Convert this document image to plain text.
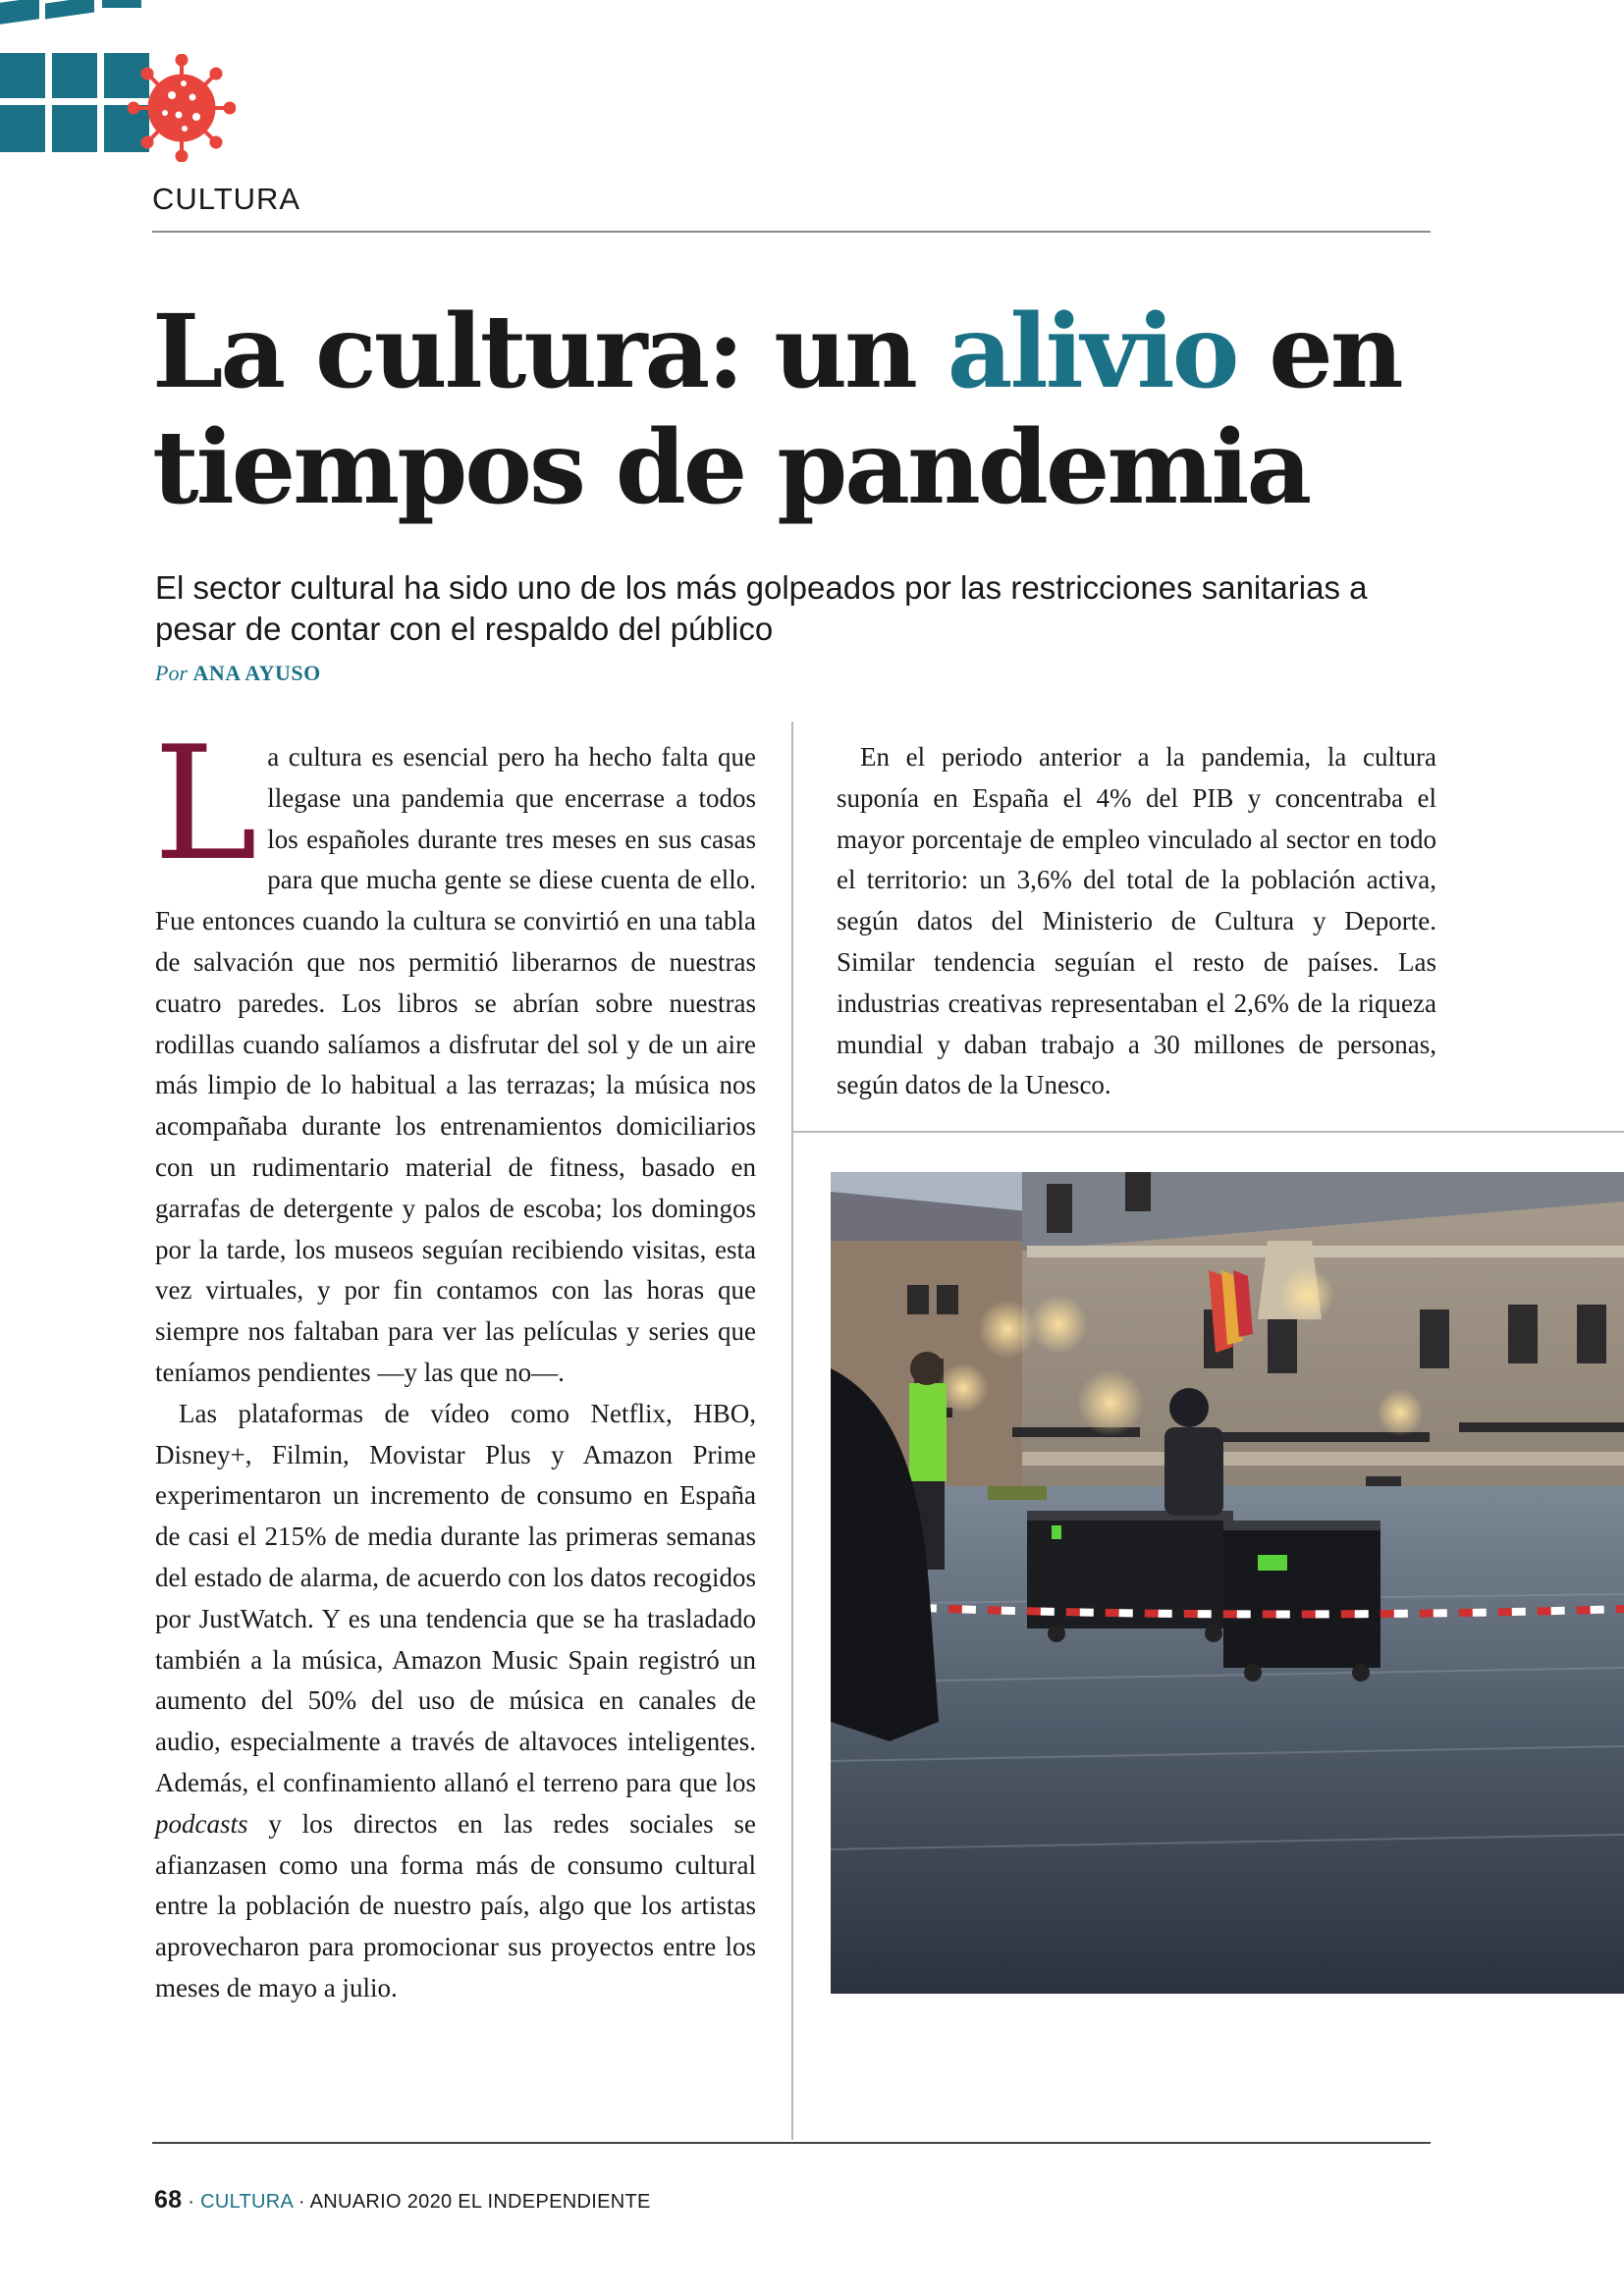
CULTURA
La cultura: un alivio en tiempos de pandemia

El sector cultural ha sido uno de los más golpeados por las restricciones sanitarias a pesar de contar con el respaldo del público

Por ANA AYUSO

La cultura es esencial pero ha hecho falta que llegase una pandemia que encerrase a todos los españoles durante tres meses en sus casas para que mucha gente se diese cuenta de ello. Fue entonces cuando la cultura se convirtió en una tabla de salvación que nos permitió liberarnos de nuestras cuatro paredes. Los libros se abrían sobre nuestras rodillas cuando salíamos a disfrutar del sol y de un aire más limpio de lo habitual a las terrazas; la música nos acompañaba durante los entrenamientos domiciliarios con un rudimentario material de fitness, basado en garrafas de detergente y palos de escoba; los domingos por la tarde, los museos seguían recibiendo visitas, esta vez virtuales, y por fin contamos con las horas que siempre nos faltaban para ver las películas y series que teníamos pendientes —y las que no—.

Las plataformas de vídeo como Netflix, HBO, Disney+, Filmin, Movistar Plus y Amazon Prime experimentaron un incremento de consumo en España de casi el 215% de media durante las primeras semanas del estado de alarma, de acuerdo con los datos recogidos por JustWatch. Y es una tendencia que se ha trasladado también a la música, Amazon Music Spain registró un aumento del 50% del uso de música en canales de audio, especialmente a través de altavoces inteligentes. Además, el confinamiento allanó el terreno para que los podcasts y los directos en las redes sociales se afianzasen como una forma más de consumo cultural entre la población de nuestro país, algo que los artistas aprovecharon para promocionar sus proyectos entre los meses de mayo a julio.

En el periodo anterior a la pandemia, la cultura suponía en España el 4% del PIB y concentraba el mayor porcentaje de empleo vinculado al sector en todo el territorio: un 3,6% del total de la población activa, según datos del Ministerio de Cultura y Deporte. Similar tendencia seguían el resto de países. Las industrias creativas representaban el 2,6% de la riqueza mundial y daban trabajo a 30 millones de personas, según datos de la Unesco.

68 · CULTURA · ANUARIO 2020 EL INDEPENDIENTE
